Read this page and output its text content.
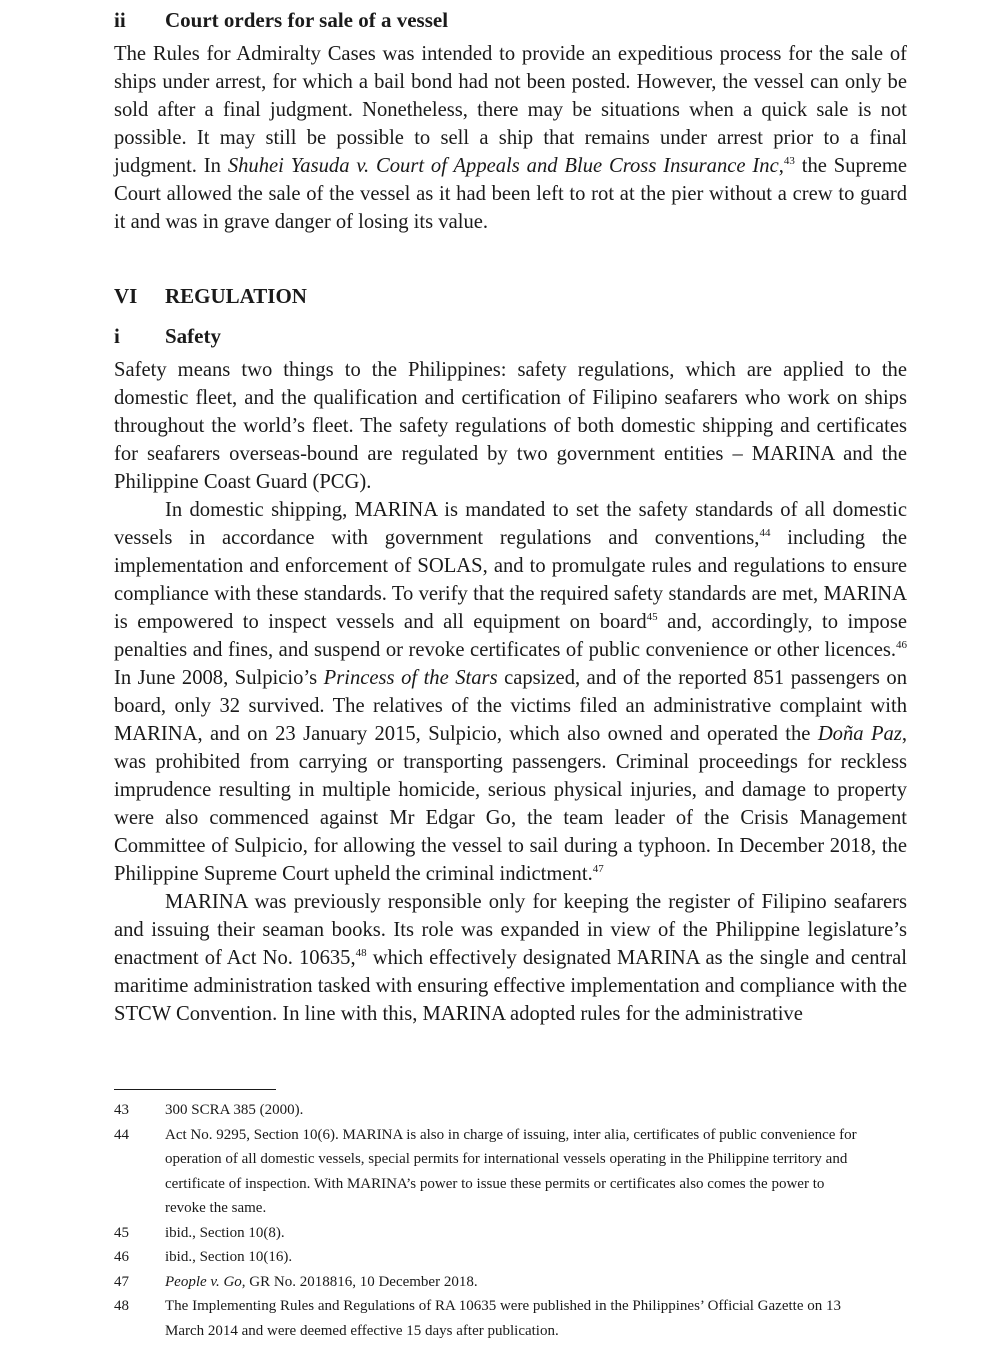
ii	Court orders for sale of a vessel

The Rules for Admiralty Cases was intended to provide an expeditious process for the sale of ships under arrest, for which a bail bond had not been posted. However, the vessel can only be sold after a final judgment. Nonetheless, there may be situations when a quick sale is not possible. It may still be possible to sell a ship that remains under arrest prior to a final judgment. In Shuhei Yasuda v. Court of Appeals and Blue Cross Insurance Inc,$^{43}$ the Supreme Court allowed the sale of the vessel as it had been left to rot at the pier without a crew to guard it and was in grave danger of losing its value.

VI	REGULATION
i	Safety

Safety means two things to the Philippines: safety regulations, which are applied to the domestic fleet, and the qualification and certification of Filipino seafarers who work on ships throughout the world’s fleet. The safety regulations of both domestic shipping and certificates for seafarers overseas-bound are regulated by two government entities – MARINA and the Philippine Coast Guard (PCG).

In domestic shipping, MARINA is mandated to set the safety standards of all domestic vessels in accordance with government regulations and conventions,$^{44}$ including the implementation and enforcement of SOLAS, and to promulgate rules and regulations to ensure compliance with these standards. To verify that the required safety standards are met, MARINA is empowered to inspect vessels and all equipment on board$^{45}$ and, accordingly, to impose penalties and fines, and suspend or revoke certificates of public convenience or other licences.$^{46}$ In June 2008, Sulpicio’s Princess of the Stars capsized, and of the reported 851 passengers on board, only 32 survived. The relatives of the victims filed an administrative complaint with MARINA, and on 23 January 2015, Sulpicio, which also owned and operated the Doña Paz, was prohibited from carrying or transporting passengers. Criminal proceedings for reckless imprudence resulting in multiple homicide, serious physical injuries, and damage to property were also commenced against Mr Edgar Go, the team leader of the Crisis Management Committee of Sulpicio, for allowing the vessel to sail during a typhoon. In December 2018, the Philippine Supreme Court upheld the criminal indictment.$^{47}$

MARINA was previously responsible only for keeping the register of Filipino seafarers and issuing their seaman books. Its role was expanded in view of the Philippine legislature’s enactment of Act No. 10635,48 which effectively designated MARINA as the single and central maritime administration tasked with ensuring effective implementation and compliance with the STCW Convention. In line with this, MARINA adopted rules for the administrative

43	300 SCRA 385 (2000).
44	Act No. 9295, Section 10(6). MARINA is also in charge of issuing, inter alia, certificates of public convenience for operation of all domestic vessels, special permits for international vessels operating in the Philippine territory and certificate of inspection. With MARINA’s power to issue these permits or certificates also comes the power to revoke the same.
45	ibid., Section 10(8).
46	ibid., Section 10(16).
47	People v. Go, GR No. 2018816, 10 December 2018.
48	The Implementing Rules and Regulations of RA 10635 were published in the Philippines’ Official Gazette on 13 March 2014 and were deemed effective 15 days after publication.
